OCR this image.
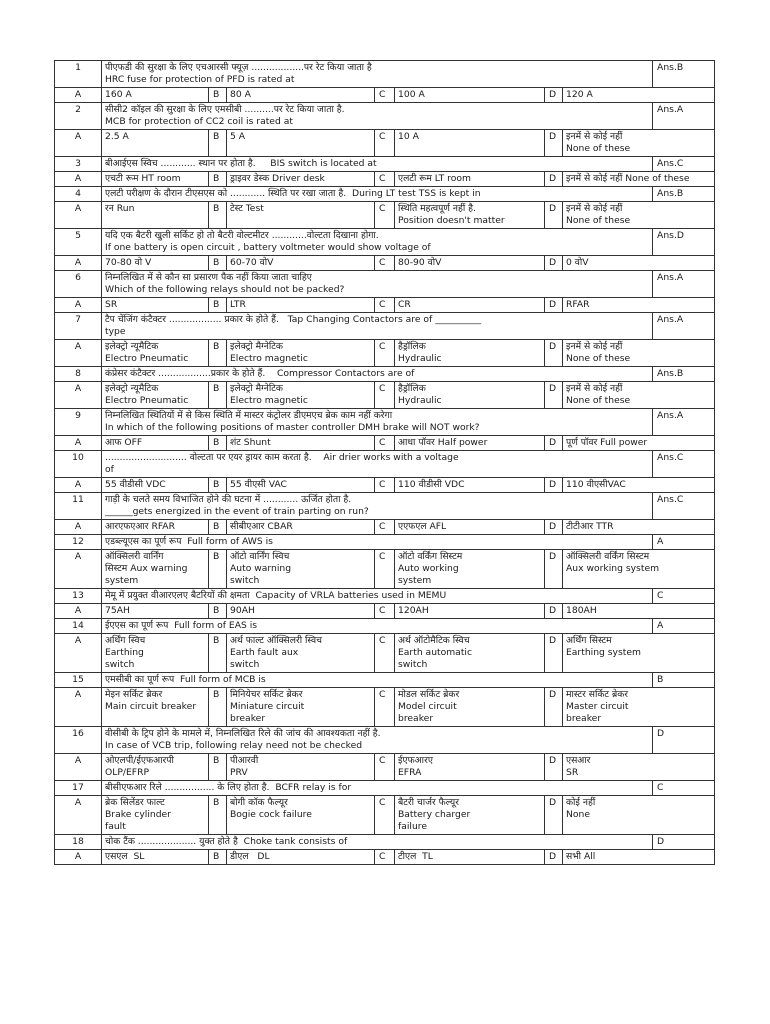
1	पीएफडी की सुरक्षा के लिए एचआरसी फ्यूज़ ..................पर रेट किया जाता है
HRC fuse for protection of PFD is rated at							Ans.B
A	160 A	B	80 A	C	100 A	D	120 A	

2	सीसी2 कॉइल की सुरक्षा के लिए एमसीबी ..........पर रेट किया जाता है.
MCB for protection of CC2 coil is rated at							Ans.A
A	2.5 A	B	5 A	C	10 A	D	इनमें से कोई नहीं
None of these	

3	बीआईएस स्विच ............ स्थान पर होता है.     BIS switch is located at							Ans.C
A	एचटी रूम HT room	B	ड्राइवर डेस्क Driver desk	C	एलटी रूम LT room	D	इनमें से कोई नहीं None of these	

4	एलटी परीक्षण के दौरान टीएसएस को ............ स्थिति पर रखा जाता है.  During LT test TSS is kept in							Ans.B
A	रन Run	B	टेस्ट Test	C	स्थिति महत्वपूर्ण नहीं है.
Position doesn't matter	D	इनमें से कोई नहीं
None of these	

5	यदि एक बैटरी खुली सर्किट हो तो बैटरी वोल्टमीटर ............वोल्टता दिखाना होगा.
If one battery is open circuit , battery voltmeter would show voltage of							Ans.D
A	70-80 वो V	B	60-70 वोV	C	80-90 वोV	D	0 वोV	

6	निम्नलिखित में से कौन सा प्रसारण पैक नहीं किया जाता चाहिए
Which of the following relays should not be packed?							Ans.A
A	SR	B	LTR	C	CR	D	RFAR	

7	टैप चेंजिंग कंटैक्टर .................. प्रकार के होते हैं.   Tap Changing Contactors are of __________
type							Ans.A
A	इलेक्ट्रो न्यूमैटिक
Electro Pneumatic	B	इलेक्ट्रो मैग्नेटिक
Electro magnetic	C	हैड्रॉलिक
Hydraulic	D	इनमें से कोई नहीं
None of these	

8	कंप्रेसर कंटैक्टर ..................प्रकार के होते हैं.    Compressor Contactors are of							Ans.B
A	इलेक्ट्रो न्यूमैटिक
Electro Pneumatic	B	इलेक्ट्रो मैग्नेटिक
Electro magnetic	C	हैड्रॉलिक
Hydraulic	D	इनमें से कोई नहीं
None of these	

9	निम्नलिखित स्थितियों में से किस स्थिति में मास्टर कंट्रोलर डीएमएच ब्रेक काम नहीं करेगा
In which of the following positions of master controller DMH brake will NOT work?							Ans.A
A	आफ OFF	B	शंट Shunt	C	आधा पॉवर Half power	D	पूर्ण पॉवर Full power	

10	............................ वोल्टता पर एयर ड्रायर काम करता है.    Air drier works with a voltage
of							Ans.C
A	55 वीडीसी VDC	B	55 वीएसी VAC	C	110 वीडीसी VDC	D	110 वीएसीVAC	

11	गाड़ी के चलते समय विभाजित होने की घटना में ............ ऊर्जित होता है.
______gets energized in the event of train parting on run?							Ans.C
A	आरएफएआर RFAR	B	सीबीएआर CBAR	C	एएफएल AFL	D	टीटीआर TTR	

12	एडब्ल्यूएस का पूर्ण रूप  Full form of AWS is							A
A	ऑक्सिलरी वार्निंग
सिस्टम Aux warning
system	B	ऑटो वार्निंग स्विच
Auto warning
switch	C	ऑटो वर्किंग सिस्टम
Auto working
system	D	ऑक्सिलरी वर्किंग सिस्टम
Aux working system	

13	मेमू में प्रयुक्त वीआरएलए बैटरियों की क्षमता  Capacity of VRLA batteries used in MEMU							C
A	75AH	B	90AH	C	120AH	D	180AH	

14	ईएएस का पूर्ण रूप  Full form of EAS is							A
A	अर्थिंग स्विच
Earthing
switch	B	अर्थ फाल्ट ऑक्सिलरी स्विच
Earth fault aux
switch	C	अर्थ ऑटोमैटिक स्विच
Earth automatic
switch	D	अर्थिंग सिस्टम
Earthing system	

15	एमसीबी का पूर्ण रूप  Full form of MCB is							B
A	मेइन सर्किट ब्रेकर
Main circuit breaker	B	मिनियेचर सर्किट ब्रेकर
Miniature circuit
breaker	C	मोडल सर्किट ब्रेकर
Model circuit
breaker	D	मास्टर सर्किट ब्रेकर
Master circuit
breaker	

16	वीसीबी के ट्रिप होने के मामले में, निम्नलिखित रिले की जांच की आवश्यकता नहीं है.
In case of VCB trip, following relay need not be checked							D
A	ओएलपी/ईएफआरपी
OLP/EFRP	B	पीआरवी
PRV	C	ईएफआरए
EFRA	D	एसआर
SR	

17	बीसीएफआर रिले ................. के लिए होता है.  BCFR relay is for							C
A	ब्रेक सिलेंडर फाल्ट
Brake cylinder
fault	B	बोगी कॉक फैल्यूर
Bogie cock failure	C	बैटरी चार्जर फैल्यूर
Battery charger
failure	D	कोई नहीं
None	

18	चोक टैंक .................... युक्त होते है  Choke tank consists of							D
A	एसएल  SL	B	डीएल   DL	C	टीएल  TL	D	सभी All	
